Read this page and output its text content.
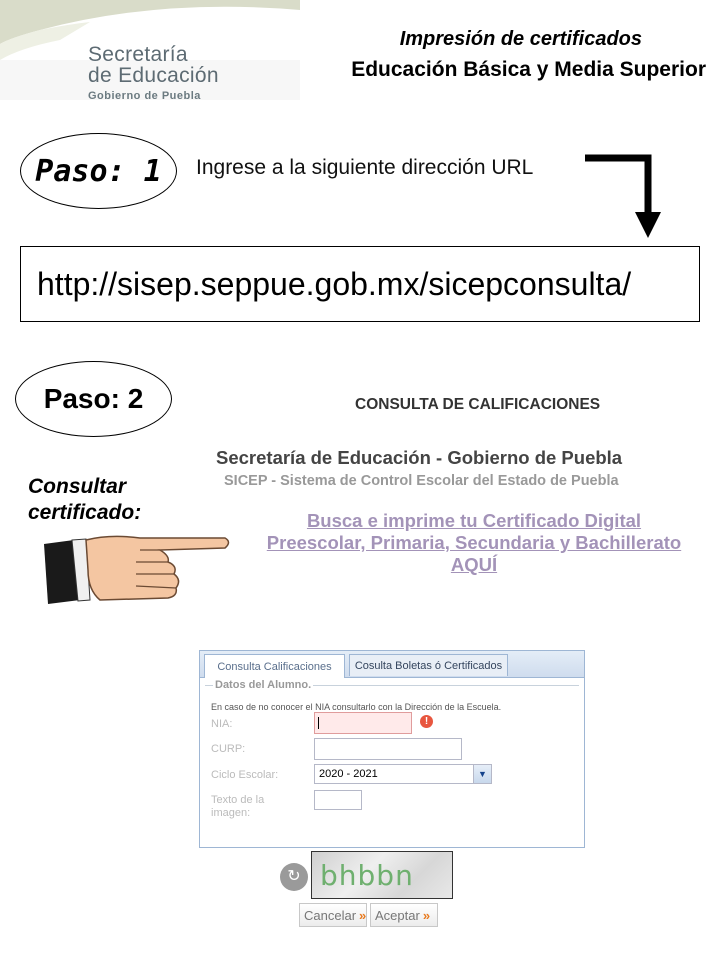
Secretaría
de Educación
Gobierno de Puebla
Impresión de certificados
Educación Básica y Media Superior
Paso: 1	Ingrese a la siguiente dirección URL
http://sisep.seppue.gob.mx/sicepconsulta/
Paso: 2	CONSULTA DE CALIFICACIONES
Secretaría de Educación - Gobierno de Puebla
SICEP - Sistema de Control Escolar del Estado de Puebla
Consultar certificado:	Busca e imprime tu Certificado Digital
Preescolar, Primaria, Secundaria y Bachillerato
AQUÍ
Consulta Calificaciones	Cosulta Boletas ó Certificados
Datos del Alumno.
En caso de no conocer el NIA consultarlo con la Dirección de la Escuela.
NIA:	!
CURP:
Ciclo Escolar:	2020 - 2021	▼
Texto de la
imagen:
↻ bhbbn
Cancelar » Aceptar »
